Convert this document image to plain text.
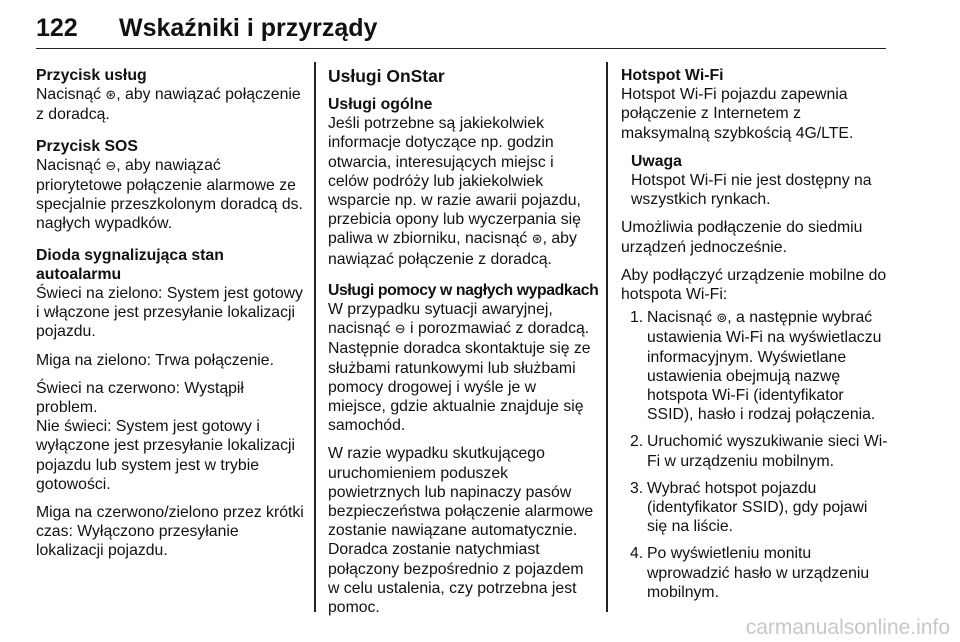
122 Wskaźniki i przyrządy
Przycisk usług

Nacisnąć ⊛, aby nawiązać połączenie z doradcą.

Przycisk SOS

Nacisnąć ⊖, aby nawiązać priorytetowe połączenie alarmowe ze specjalnie przeszkolonym doradcą ds. nagłych wypadków.

Dioda sygnalizująca stan autoalarmu

Świeci na zielono: System jest gotowy i włączone jest przesyłanie lokalizacji pojazdu.

Miga na zielono: Trwa połączenie.

Świeci na czerwono: Wystąpił problem.

Nie świeci: System jest gotowy i wyłączone jest przesyłanie lokalizacji pojazdu lub system jest w trybie gotowości.

Miga na czerwono/zielono przez krótki czas: Wyłączono przesyłanie lokalizacji pojazdu.

Usługi OnStar
Usługi ogólne

Jeśli potrzebne są jakiekolwiek informacje dotyczące np. godzin otwarcia, interesujących miejsc i celów podróży lub jakiekolwiek wsparcie np. w razie awarii pojazdu, przebicia opony lub wyczerpania się paliwa w zbiorniku, nacisnąć ⊛, aby nawiązać połączenie z doradcą.

Usługi pomocy w nagłych wypadkach

W przypadku sytuacji awaryjnej, nacisnąć ⊖ i porozmawiać z doradcą. Następnie doradca skontaktuje się ze służbami ratunkowymi lub służbami pomocy drogowej i wyśle je w miejsce, gdzie aktualnie znajduje się samochód.

W razie wypadku skutkującego uruchomieniem poduszek powietrznych lub napinaczy pasów bezpieczeństwa połączenie alarmowe zostanie nawiązane automatycznie. Doradca zostanie natychmiast połączony bezpośrednio z pojazdem w celu ustalenia, czy potrzebna jest pomoc.

Hotspot Wi-Fi

Hotspot Wi-Fi pojazdu zapewnia połączenie z Internetem z maksymalną szybkością 4G/LTE.

Uwaga
Hotspot Wi-Fi nie jest dostępny na wszystkich rynkach.

Umożliwia podłączenie do siedmiu urządzeń jednocześnie.

Aby podłączyć urządzenie mobilne do hotspota Wi-Fi:

1. Nacisnąć ⊚, a następnie wybrać ustawienia Wi-Fi na wyświetlaczu informacyjnym. Wyświetlane ustawienia obejmują nazwę hotspota Wi-Fi (identyfikator SSID), hasło i rodzaj połączenia.
2. Uruchomić wyszukiwanie sieci Wi-Fi w urządzeniu mobilnym.
3. Wybrać hotspot pojazdu (identyfikator SSID), gdy pojawi się na liście.
4. Po wyświetleniu monitu wprowadzić hasło w urządzeniu mobilnym.
carmanualsonline.info
